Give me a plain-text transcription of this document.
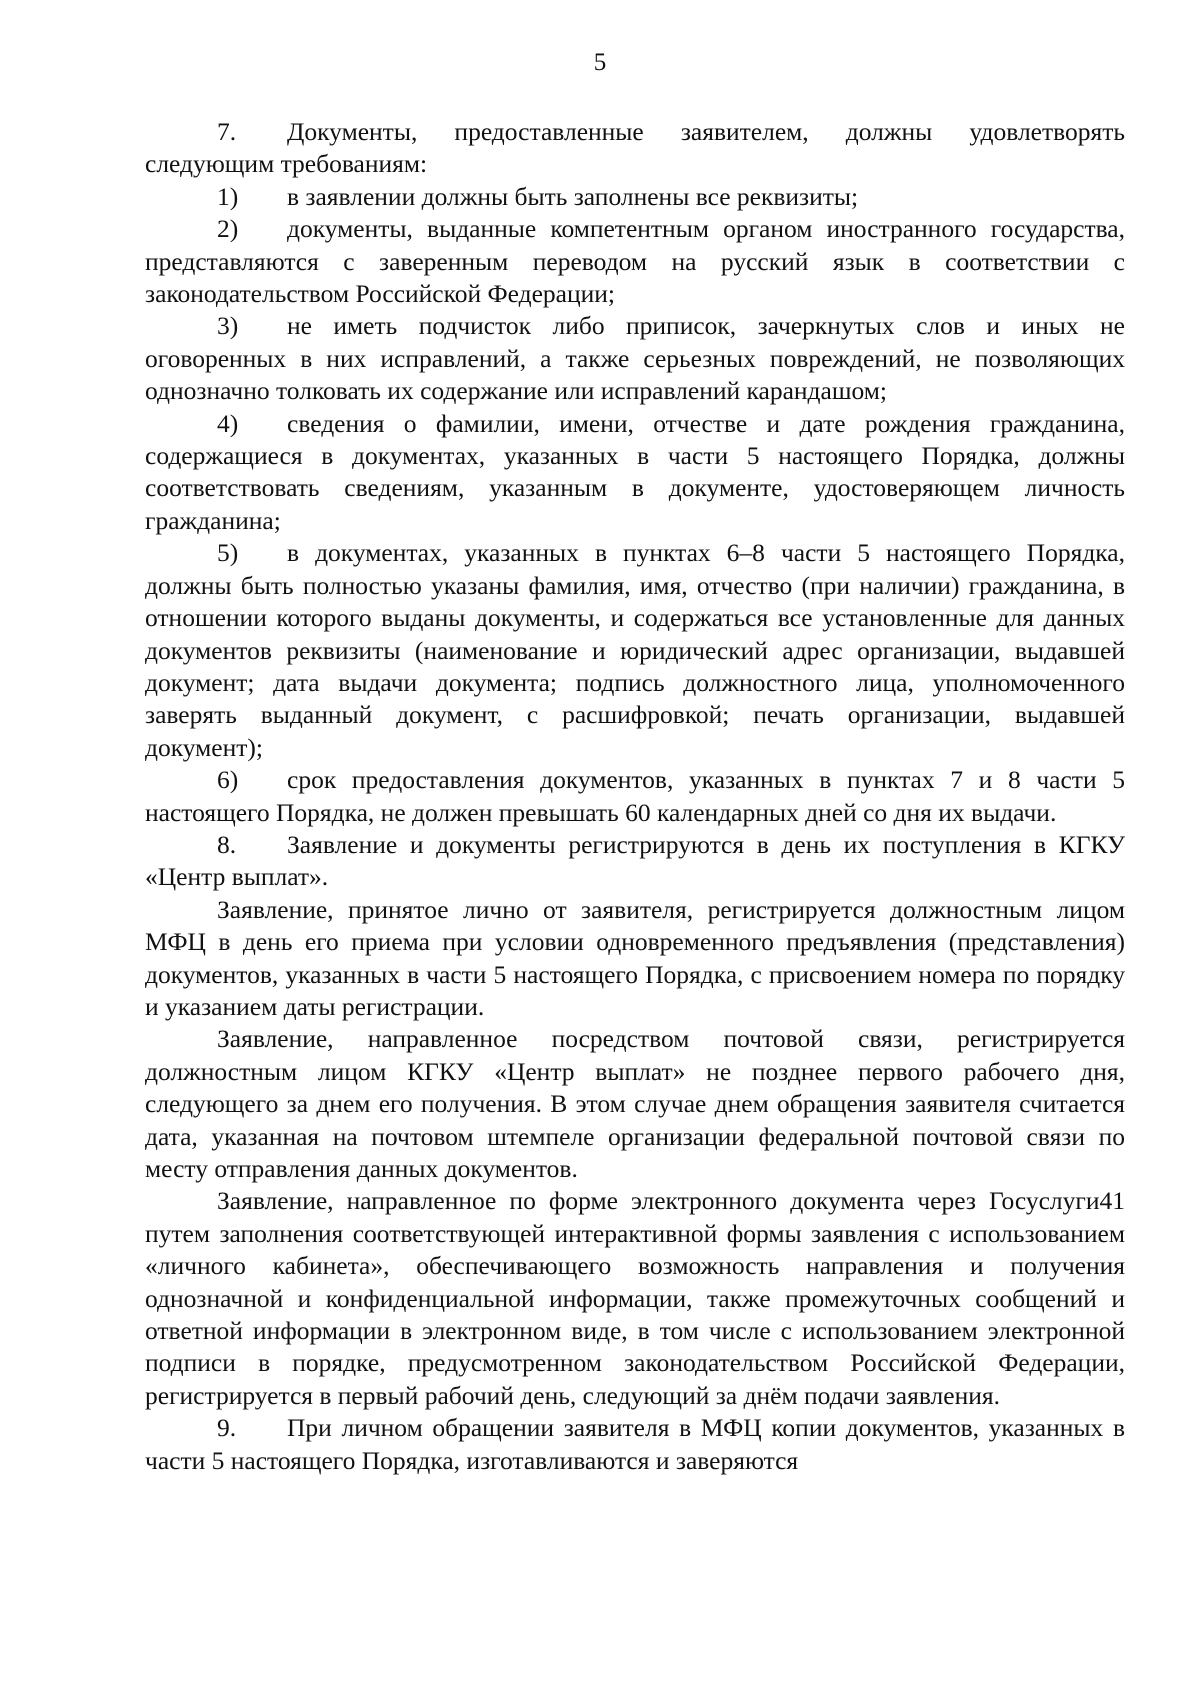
5

7. Документы, предоставленные заявителем, должны удовлетворять следующим требованиям:

1) в заявлении должны быть заполнены все реквизиты;

2) документы, выданные компетентным органом иностранного государства, представляются с заверенным переводом на русский язык в соответствии с законодательством Российской Федерации;

3) не иметь подчисток либо приписок, зачеркнутых слов и иных не оговоренных в них исправлений, а также серьезных повреждений, не позволяющих однозначно толковать их содержание или исправлений карандашом;

4) сведения о фамилии, имени, отчестве и дате рождения гражданина, содержащиеся в документах, указанных в части 5 настоящего Порядка, должны соответствовать сведениям, указанным в документе, удостоверяющем личность гражданина;

5) в документах, указанных в пунктах 6–8 части 5 настоящего Порядка, должны быть полностью указаны фамилия, имя, отчество (при наличии) гражданина, в отношении которого выданы документы, и содержаться все установленные для данных документов реквизиты (наименование и юридический адрес организации, выдавшей документ; дата выдачи документа; подпись должностного лица, уполномоченного заверять выданный документ, с расшифровкой; печать организации, выдавшей документ);

6) срок предоставления документов, указанных в пунктах 7 и 8 части 5 настоящего Порядка, не должен превышать 60 календарных дней со дня их выдачи.

8. Заявление и документы регистрируются в день их поступления в КГКУ «Центр выплат».

Заявление, принятое лично от заявителя, регистрируется должностным лицом МФЦ в день его приема при условии одновременного предъявления (представления) документов, указанных в части 5 настоящего Порядка, с присвоением номера по порядку и указанием даты регистрации.

Заявление, направленное посредством почтовой связи, регистрируется должностным лицом КГКУ «Центр выплат» не позднее первого рабочего дня, следующего за днем его получения. В этом случае днем обращения заявителя считается дата, указанная на почтовом штемпеле организации федеральной почтовой связи по месту отправления данных документов.

Заявление, направленное по форме электронного документа через Госуслуги41 путем заполнения соответствующей интерактивной формы заявления с использованием «личного кабинета», обеспечивающего возможность направления и получения однозначной и конфиденциальной информации, также промежуточных сообщений и ответной информации в электронном виде, в том числе с использованием электронной подписи в порядке, предусмотренном законодательством Российской Федерации, регистрируется в первый рабочий день, следующий за днём подачи заявления.

9. При личном обращении заявителя в МФЦ копии документов, указанных в части 5 настоящего Порядка, изготавливаются и заверяются
